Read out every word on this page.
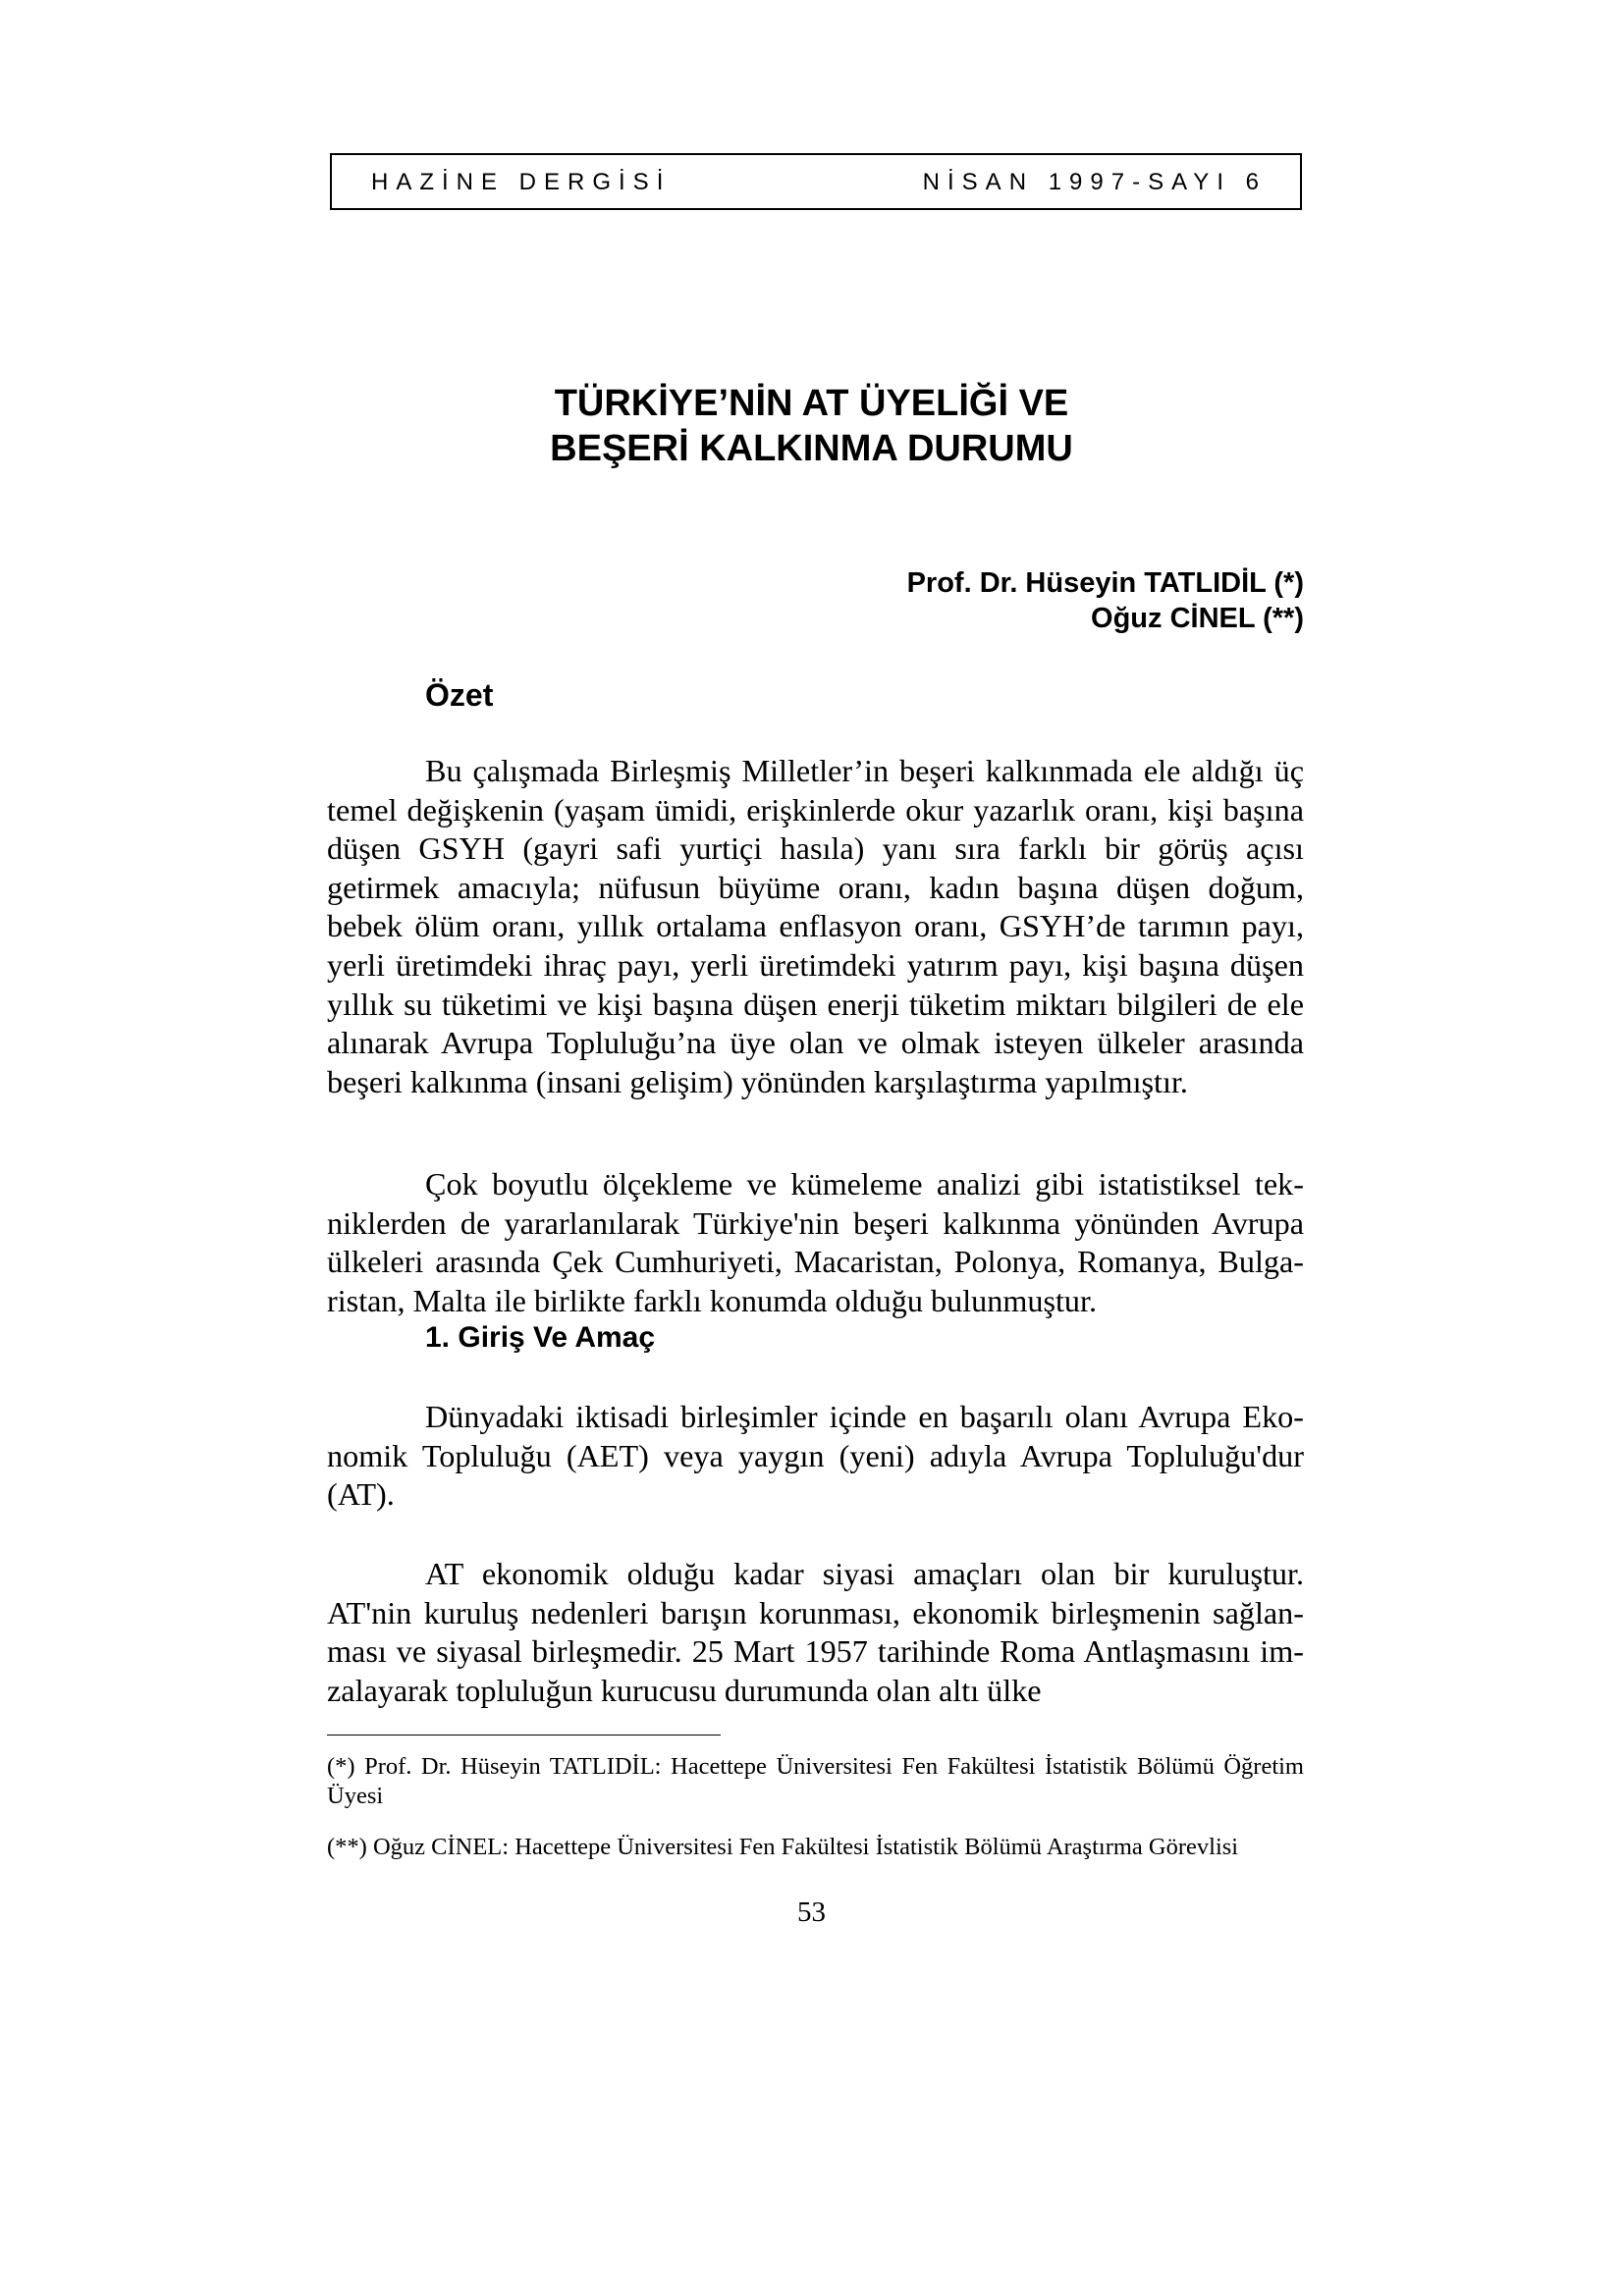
HAZİNE DERGİSİ	NİSAN 1997-SAYI 6
TÜRKİYE’NİN AT ÜYELİĞİ VE
BEŞERİ KALKINMA DURUMU
Prof. Dr. Hüseyin TATLIDİL (*)
Oğuz CİNEL (**)
Özet

Bu çalışmada Birleşmiş Milletler’in beşeri kalkınmada ele aldığı üç temel değişkenin (yaşam ümidi, erişkinlerde okur yazarlık oranı, kişi başına düşen GSYH (gayri safi yurtiçi hasıla) yanı sıra farklı bir görüş açısı getirmek amacıyla; nüfusun büyüme oranı, kadın başına düşen doğum, bebek ölüm oranı, yıllık ortalama enflasyon oranı, GSYH’de tarımın payı, yerli üretimdeki ihraç payı, yerli üretimdeki yatırım payı, kişi başına düşen yıllık su tüketimi ve kişi başına düşen enerji tüketim miktarı bilgileri de ele alınarak Avrupa Topluluğu’na üye olan ve olmak isteyen ülkeler arasında beşeri kalkınma (insani gelişim) yönünden karşılaştırma yapılmıştır.

Çok boyutlu ölçekleme ve kümeleme analizi gibi istatistiksel tek-niklerden de yararlanılarak Türkiye'nin beşeri kalkınma yönünden Avrupa ülkeleri arasında Çek Cumhuriyeti, Macaristan, Polonya, Romanya, Bulga-ristan, Malta ile birlikte farklı konumda olduğu bulunmuştur.

1. Giriş Ve Amaç

Dünyadaki iktisadi birleşimler içinde en başarılı olanı Avrupa Eko-nomik Topluluğu (AET) veya yaygın (yeni) adıyla Avrupa Topluluğu'dur (AT).

AT ekonomik olduğu kadar siyasi amaçları olan bir kuruluştur. AT'nin kuruluş nedenleri barışın korunması, ekonomik birleşmenin sağlan-ması ve siyasal birleşmedir. 25 Mart 1957 tarihinde Roma Antlaşmasını im-zalayarak topluluğun kurucusu durumunda olan altı ülke

(*) Prof. Dr. Hüseyin TATLIDİL: Hacettepe Üniversitesi Fen Fakültesi İstatistik Bölümü Öğretim Üyesi

(**) Oğuz CİNEL: Hacettepe Üniversitesi Fen Fakültesi İstatistik Bölümü Araştırma Görevlisi

53
